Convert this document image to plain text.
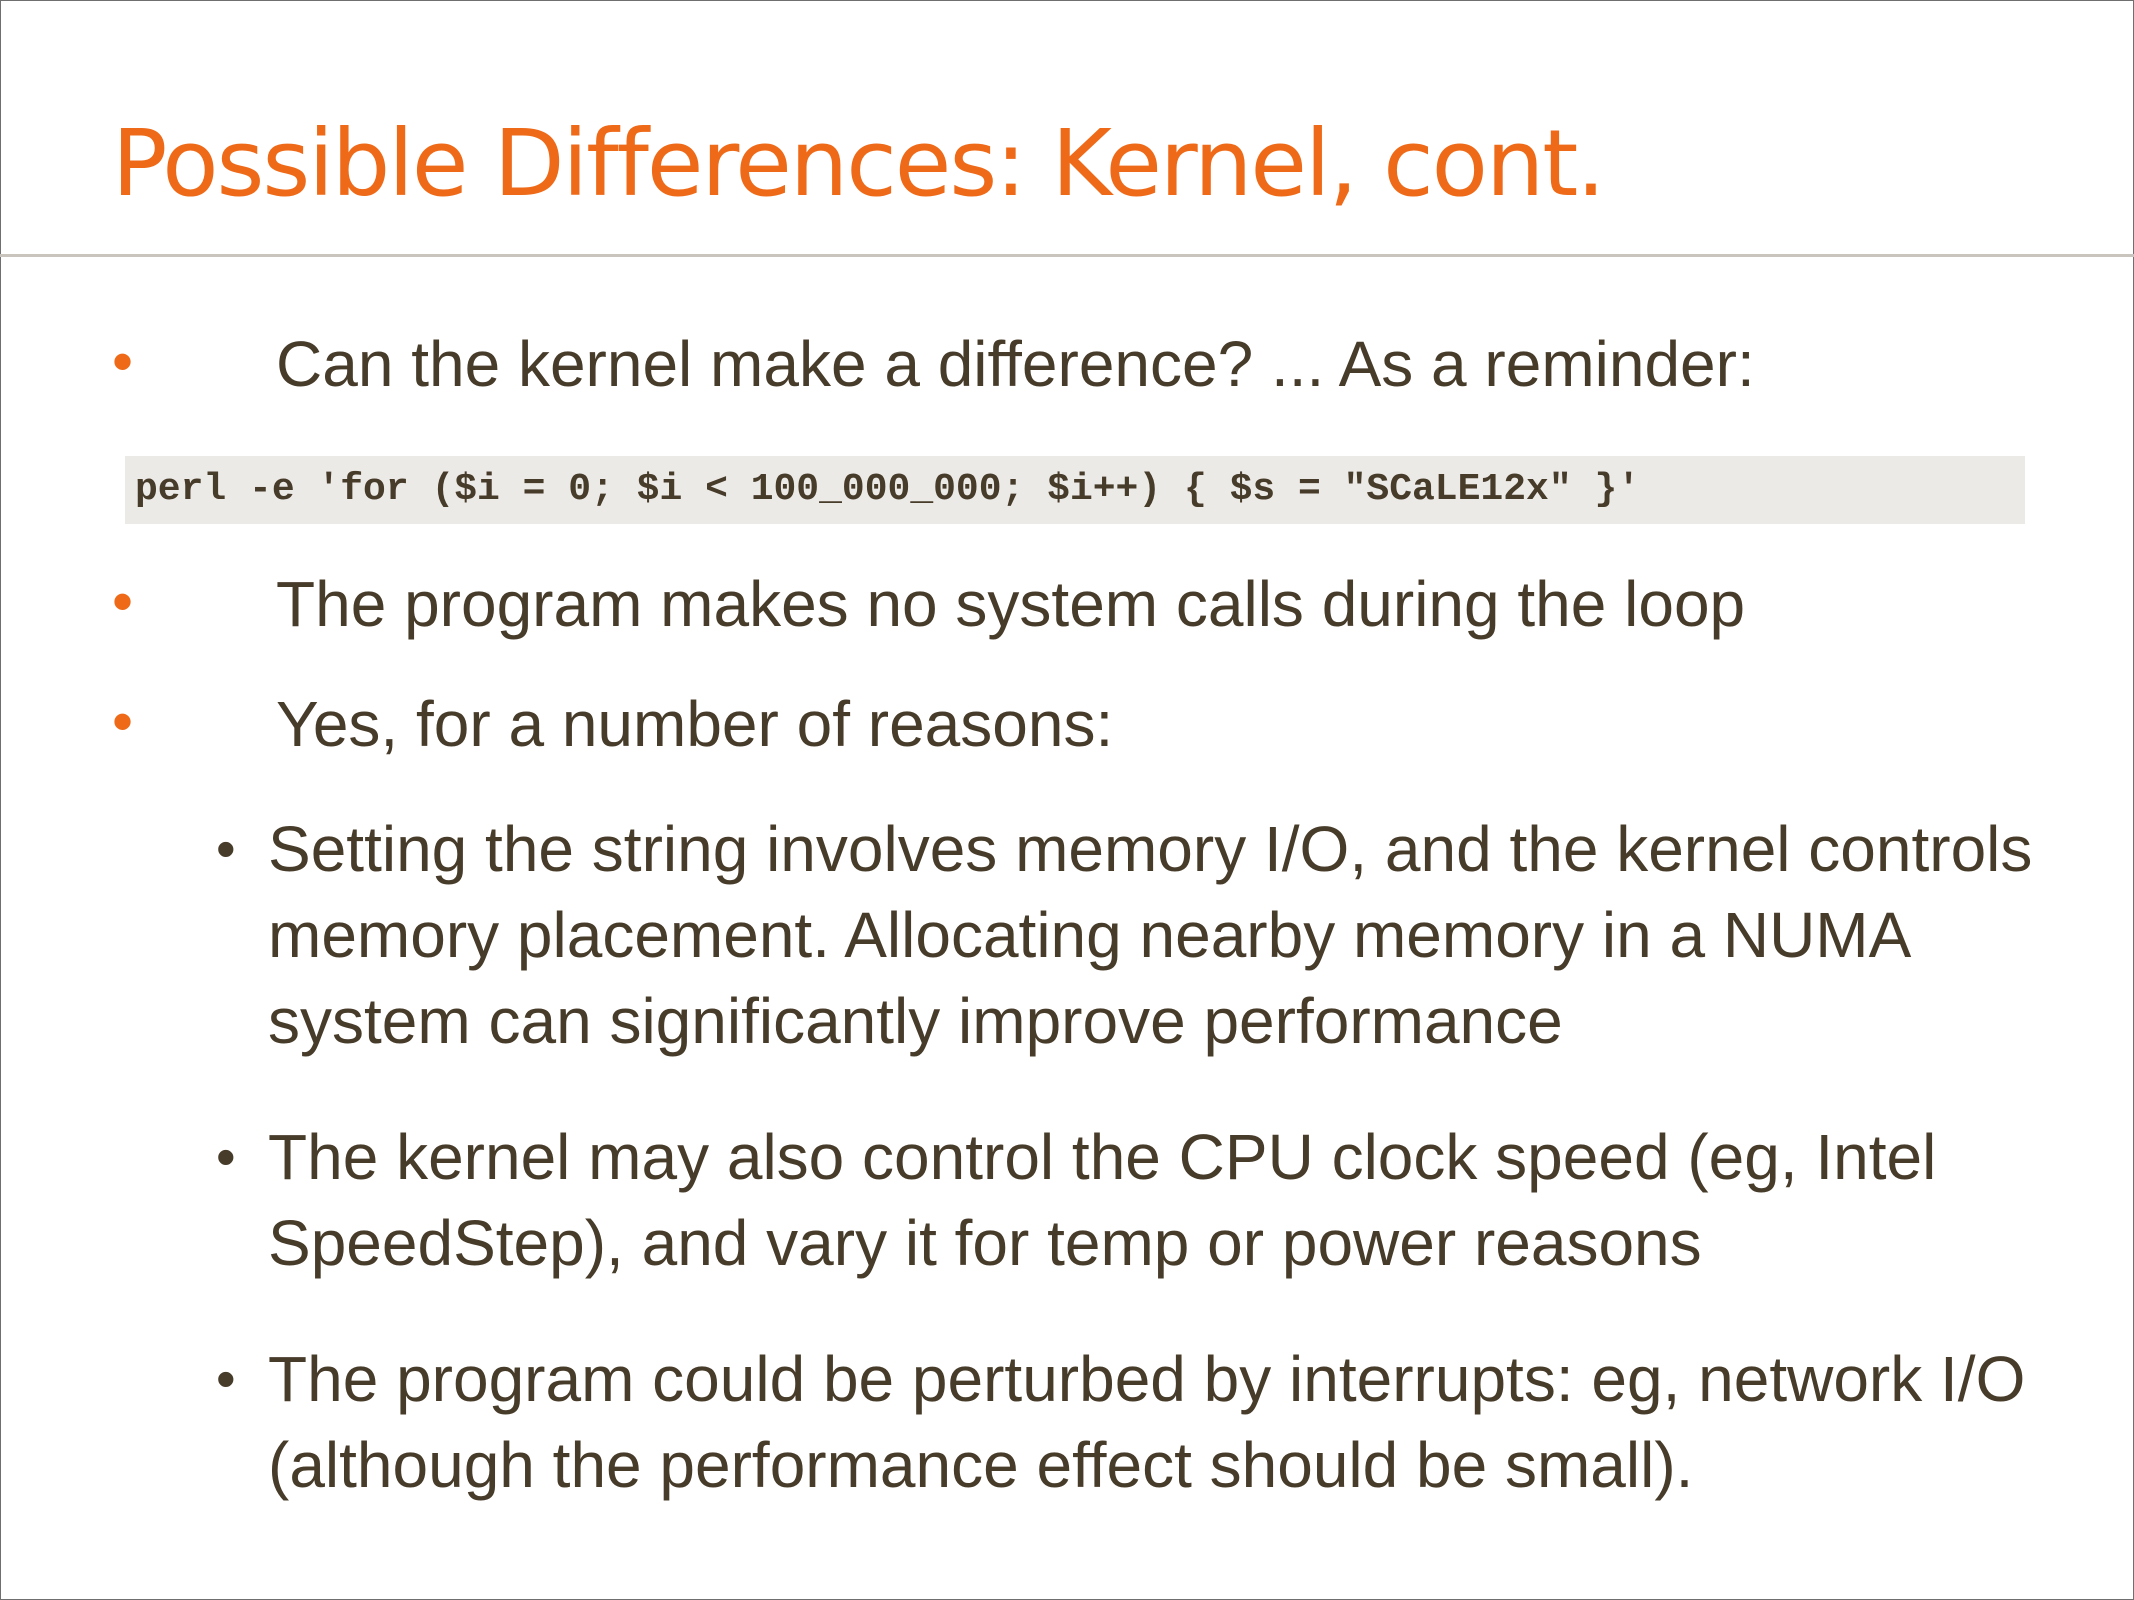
Possible Differences: Kernel, cont.
• Can the kernel make a difference? ... As a reminder:
perl -e 'for ($i = 0; $i < 100_000_000; $i++) { $s = "SCaLE12x" }'
• The program makes no system calls during the loop
• Yes, for a number of reasons:
• Setting the string involves memory I/O, and the kernel controls memory placement. Allocating nearby memory in a NUMA system can significantly improve performance
• The kernel may also control the CPU clock speed (eg, Intel SpeedStep), and vary it for temp or power reasons
• The program could be perturbed by interrupts: eg, network I/O (although the performance effect should be small).
